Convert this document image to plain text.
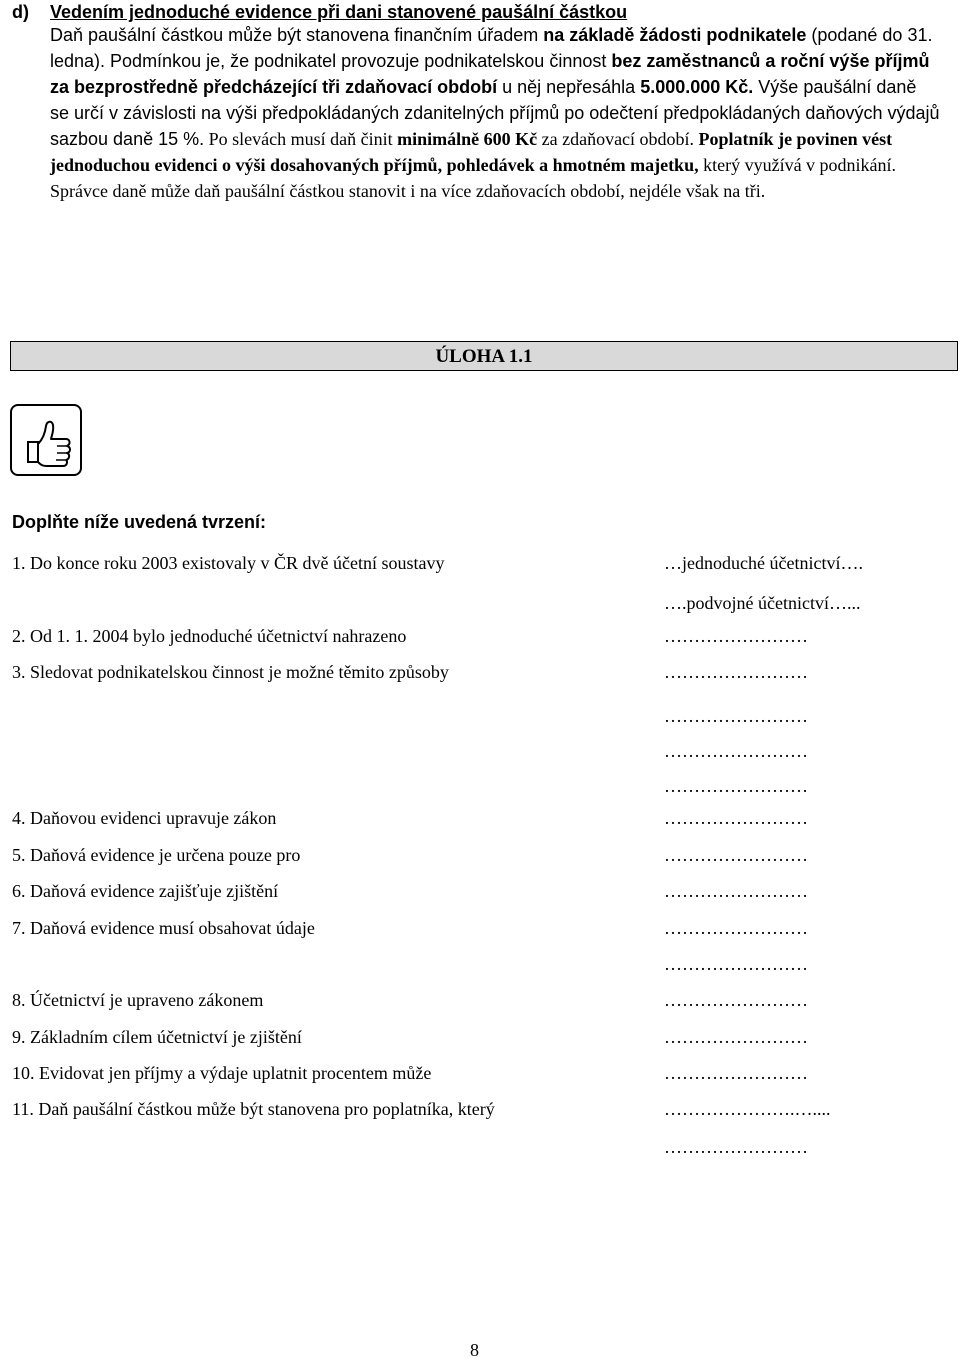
d) Vedením jednoduché evidence při dani stanovené paušální částkou
Daň paušální částkou může být stanovena finančním úřadem na základě žádosti podnikatele (podané do 31. ledna). Podmínkou je, že podnikatel provozuje podnikatelskou činnost bez zaměstnanců a roční výše příjmů za bezprostředně předcházející tři zdaňovací období u něj nepřesáhla 5.000.000 Kč. Výše paušální daně se určí v závislosti na výši předpokládaných zdanitelných příjmů po odečtení předpokládaných daňových výdajů sazbou daně 15 %. Po slevách musí daň činit minimálně 600 Kč za zdaňovací období. Poplatník je povinen vést jednoduchou evidenci o výši dosahovaných příjmů, pohledávek a hmotném majetku, který využívá v podnikání. Správce daně může daň paušální částkou stanovit i na více zdaňovacích období, nejdéle však na tři.
ÚLOHA 1.1
Doplňte níže uvedená tvrzení:
1. Do konce roku 2003 existovaly v ČR dvě účetní soustavy	…jednoduché účetnictví….
….podvojné účetnictví…...
2. Od 1. 1. 2004 bylo jednoduché účetnictví nahrazeno	……………………
3. Sledovat podnikatelskou činnost je možné těmito způsoby	……………………
……………………
……………………
……………………
4. Daňovou evidenci upravuje zákon	……………………
5. Daňová evidence je určena pouze pro	……………………
6. Daňová evidence zajišťuje zjištění	……………………
7. Daňová evidence musí obsahovat údaje	……………………
……………………
8. Účetnictví je upraveno zákonem	……………………
9. Základním cílem účetnictví je zjištění	……………………
10. Evidovat jen příjmy a výdaje uplatnit procentem může	……………………
11. Daň paušální částkou může být stanovena pro poplatníka, který	………………….…....
……………………
8
